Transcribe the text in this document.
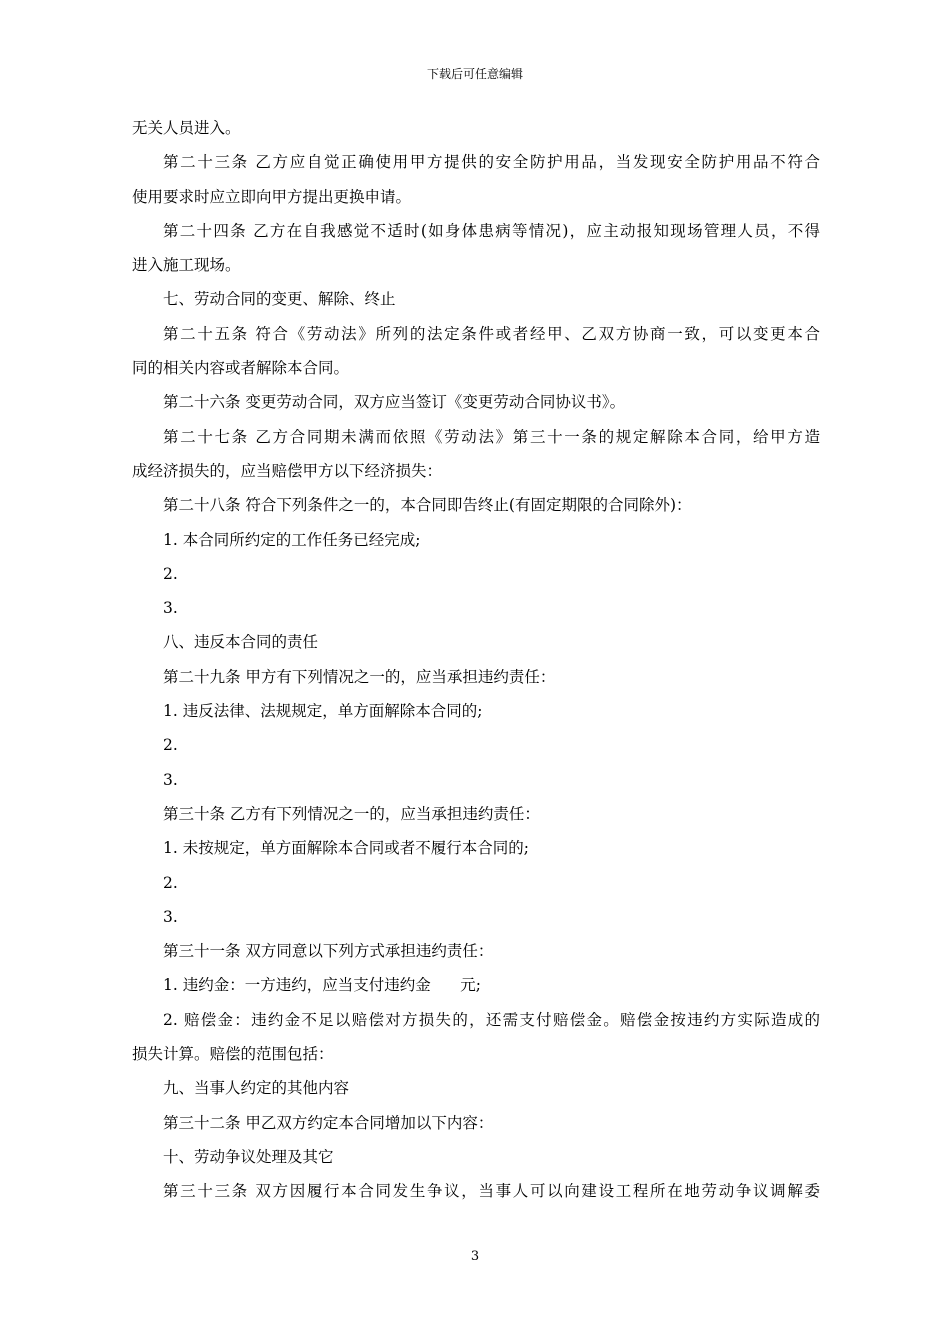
下载后可任意编辑
无关人员进入。
第二十三条 乙方应自觉正确使用甲方提供的安全防护用品，当发现安全防护用品不符合
使用要求时应立即向甲方提出更换申请。
第二十四条 乙方在自我感觉不适时(如身体患病等情况)，应主动报知现场管理人员，不得
进入施工现场。
七、劳动合同的变更、解除、终止
第二十五条 符合《劳动法》所列的法定条件或者经甲、乙双方协商一致，可以变更本合
同的相关内容或者解除本合同。
第二十六条 变更劳动合同，双方应当签订《变更劳动合同协议书》。
第二十七条 乙方合同期未满而依照《劳动法》第三十一条的规定解除本合同，给甲方造
成经济损失的，应当赔偿甲方以下经济损失：
第二十八条 符合下列条件之一的，本合同即告终止(有固定期限的合同除外)：
1. 本合同所约定的工作任务已经完成;
2.
3.
八、违反本合同的责任
第二十九条 甲方有下列情况之一的，应当承担违约责任：
1. 违反法律、法规规定，单方面解除本合同的;
2.
3.
第三十条 乙方有下列情况之一的，应当承担违约责任：
1. 未按规定，单方面解除本合同或者不履行本合同的;
2.
3.
第三十一条 双方同意以下列方式承担违约责任：
1. 违约金：一方违约，应当支付违约金      元;
2. 赔偿金：违约金不足以赔偿对方损失的，还需支付赔偿金。赔偿金按违约方实际造成的
损失计算。赔偿的范围包括：
九、当事人约定的其他内容
第三十二条 甲乙双方约定本合同增加以下内容：
十、劳动争议处理及其它
第三十三条 双方因履行本合同发生争议，当事人可以向建设工程所在地劳动争议调解委
3
